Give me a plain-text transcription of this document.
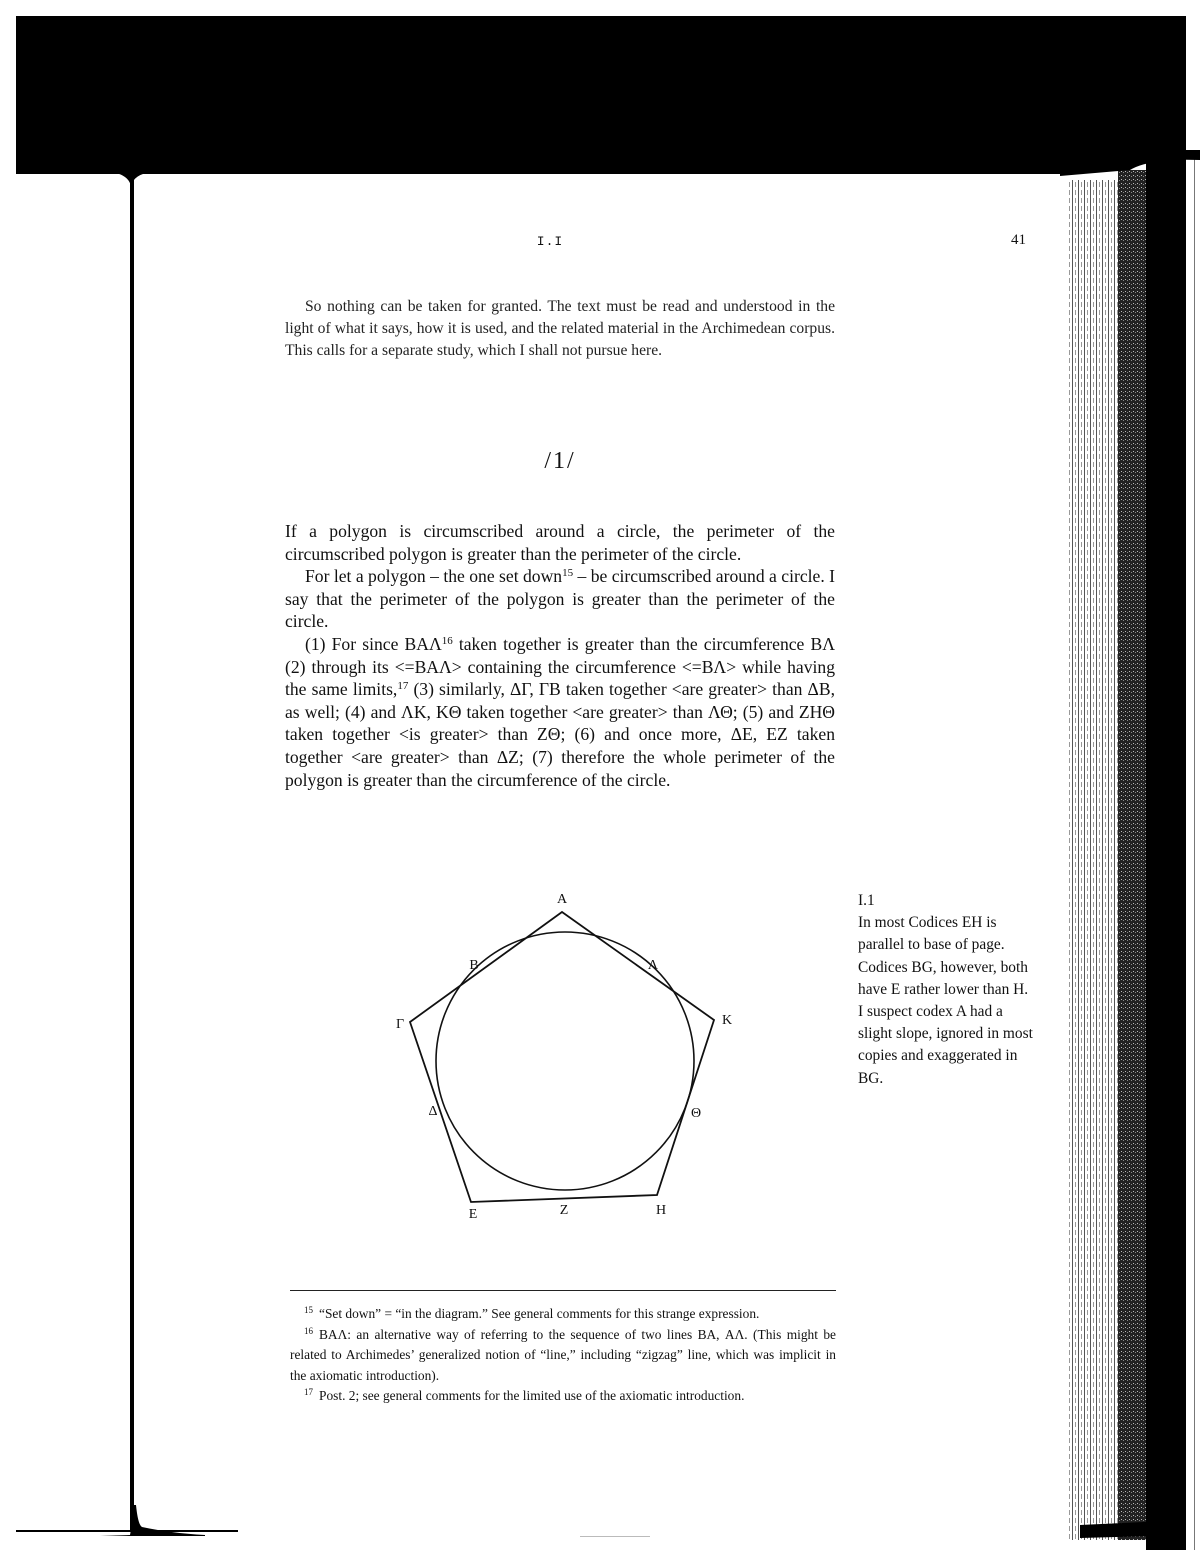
I.I	41

So nothing can be taken for granted. The text must be read and understood in the light of what it says, how it is used, and the related material in the Archimedean corpus. This calls for a separate study, which I shall not pursue here.

/1/

If a polygon is circumscribed around a circle, the perimeter of the circumscribed polygon is greater than the perimeter of the circle.

For let a polygon – the one set down$^{15}$ – be circumscribed around a circle. I say that the perimeter of the polygon is greater than the perimeter of the circle.

(1) For since BΑΛ$^{16}$ taken together is greater than the circumference BΛ (2) through its <=BΑΛ> containing the circumference <=BΛ> while having the same limits,$^{17}$ (3) similarly, ΔΓ, ΓB taken together <are greater> than ΔB, as well; (4) and ΛK, KΘ taken together <are greater> than ΛΘ; (5) and ZHΘ taken together <is greater> than ZΘ; (6) and once more, ΔE, EZ taken together <are greater> than ΔZ; (7) therefore the whole perimeter of the polygon is greater than the circumference of the circle.

A
B	Λ
Γ	K
Δ	Θ
E	Z	H
I.1
In most Codices EH is parallel to base of page. Codices BG, however, both have E rather lower than H. I suspect codex A had a slight slope, ignored in most copies and exaggerated in BG.

$^{15}$ “Set down” = “in the diagram.” See general comments for this strange expression.

$^{16}$ BΑΛ: an alternative way of referring to the sequence of two lines BA, ΑΛ. (This might be related to Archimedes’ generalized notion of “line,” including “zigzag” line, which was implicit in the axiomatic introduction).

$^{17}$ Post. 2; see general comments for the limited use of the axiomatic introduction.
